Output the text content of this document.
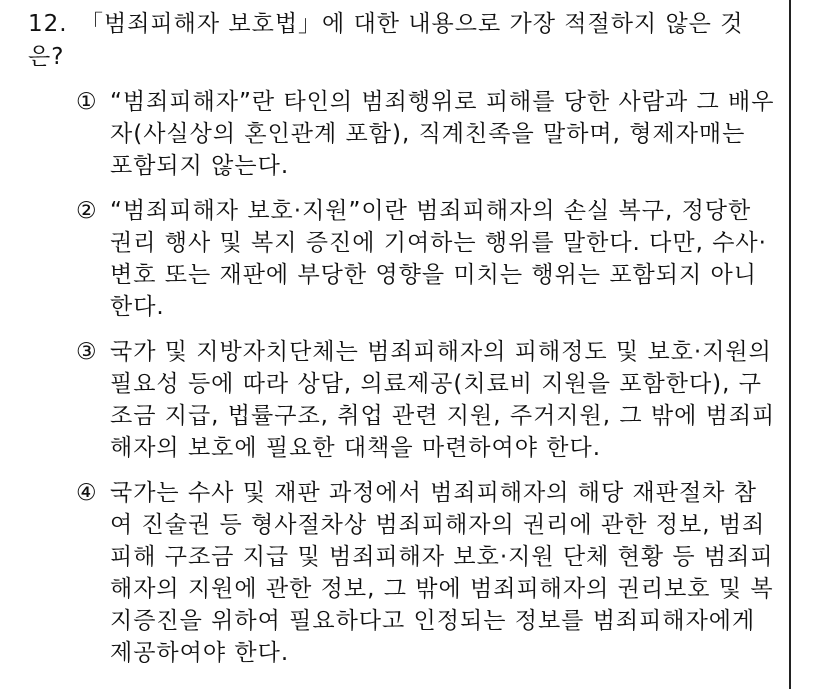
12. 「범죄피해자 보호법」에 대한 내용으로 가장 적절하지 않은 것은?
① “범죄피해자”란 타인의 범죄행위로 피해를 당한 사람과 그 배우자(사실상의 혼인관계 포함), 직계친족을 말하며, 형제자매는 포함되지 않는다.
② “범죄피해자 보호·지원”이란 범죄피해자의 손실 복구, 정당한 권리 행사 및 복지 증진에 기여하는 행위를 말한다. 다만, 수사·변호 또는 재판에 부당한 영향을 미치는 행위는 포함되지 아니한다.
③ 국가 및 지방자치단체는 범죄피해자의 피해정도 및 보호·지원의 필요성 등에 따라 상담, 의료제공(치료비 지원을 포함한다), 구조금 지급, 법률구조, 취업 관련 지원, 주거지원, 그 밖에 범죄피해자의 보호에 필요한 대책을 마련하여야 한다.
④ 국가는 수사 및 재판 과정에서 범죄피해자의 해당 재판절차 참여 진술권 등 형사절차상 범죄피해자의 권리에 관한 정보, 범죄피해 구조금 지급 및 범죄피해자 보호·지원 단체 현황 등 범죄피해자의 지원에 관한 정보, 그 밖에 범죄피해자의 권리보호 및 복지증진을 위하여 필요하다고 인정되는 정보를 범죄피해자에게 제공하여야 한다.
